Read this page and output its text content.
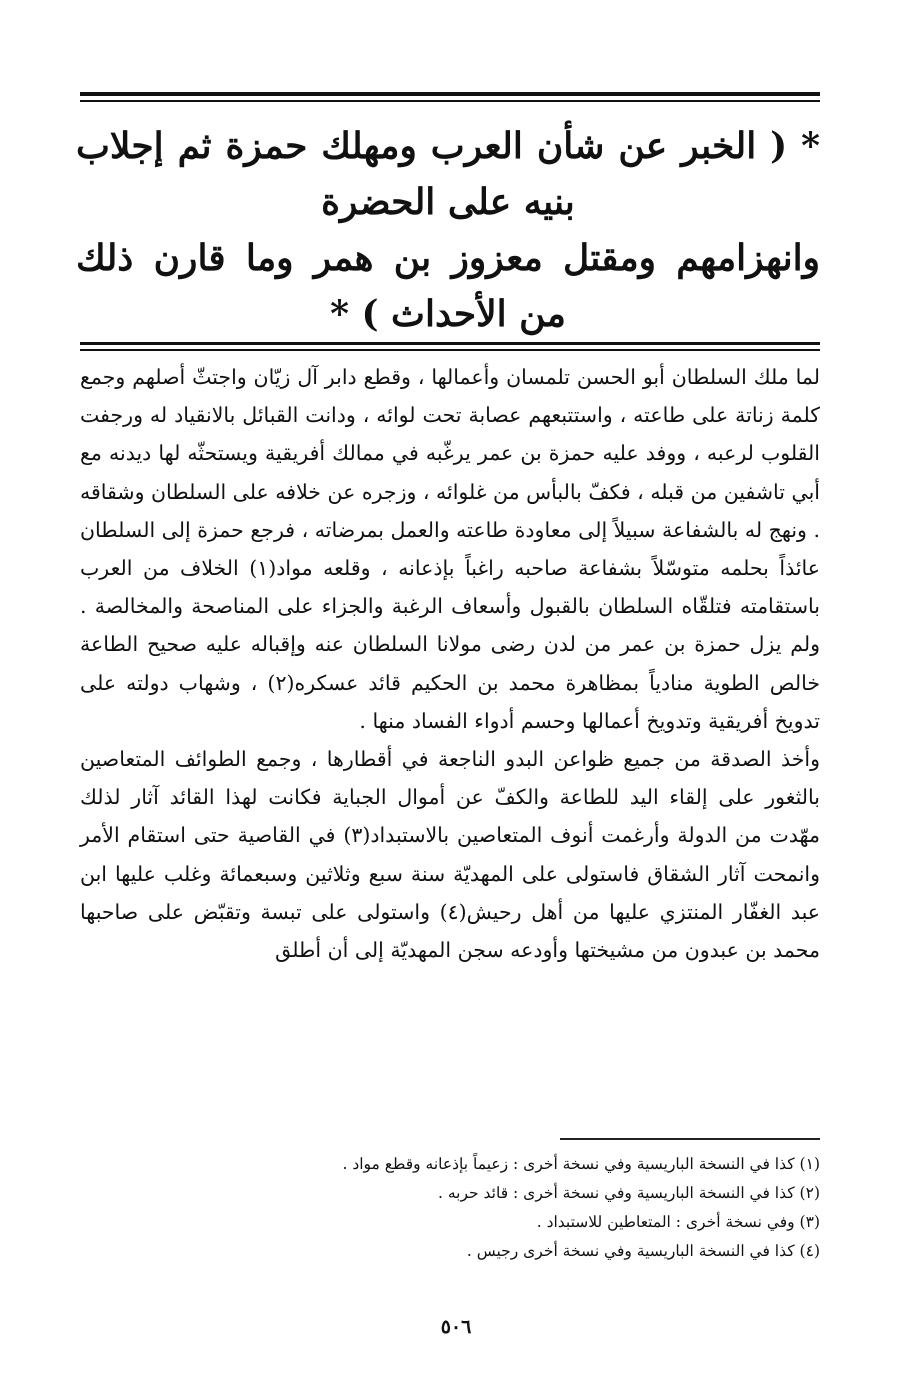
* ( الخبر عن شأن العرب ومهلك حمزة ثم إجلاب بنيه على الحضرة

وانهزامهم ومقتل معزوز بن همر وما قارن ذلك من الأحداث ) *

لما ملك السلطان أبو الحسن تلمسان وأعمالها ، وقطع دابر آل زيّان واجتثّ أصلهم وجمع كلمة زناتة على طاعته ، واستتبعهم عصابة تحت لوائه ، ودانت القبائل بالانقياد له ورجفت القلوب لرعبه ، ووفد عليه حمزة بن عمر يرغّبه في ممالك أفريقية ويستحثّه لها ديدنه مع أبي تاشفين من قبله ، فكفّ بالبأس من غلوائه ، وزجره عن خلافه على السلطان وشقاقه . ونهج له بالشفاعة سبيلاً إلى معاودة طاعته والعمل بمرضاته ، فرجع حمزة إلى السلطان عائذاً بحلمه متوسّلاً بشفاعة صاحبه راغباً بإذعانه ، وقلعه مواد(١) الخلاف من العرب باستقامته فتلقّاه السلطان بالقبول وأسعاف الرغبة والجزاء على المناصحة والمخالصة . ولم يزل حمزة بن عمر من لدن رضى مولانا السلطان عنه وإقباله عليه صحيح الطاعة خالص الطوية منادياً بمظاهرة محمد بن الحكيم قائد عسكره(٢) ، وشهاب دولته على تدويخ أفريقية وتدويخ أعمالها وحسم أدواء الفساد منها .

وأخذ الصدقة من جميع ظواعن البدو الناجعة في أقطارها ، وجمع الطوائف المتعاصين بالثغور على إلقاء اليد للطاعة والكفّ عن أموال الجباية فكانت لهذا القائد آثار لذلك مهّدت من الدولة وأرغمت أنوف المتعاصين بالاستبداد(٣) في القاصية حتى استقام الأمر وانمحت آثار الشقاق فاستولى على المهديّة سنة سبع وثلاثين وسبعمائة وغلب عليها ابن عبد الغفّار المنتزي عليها من أهل رحيش(٤) واستولى على تبسة وتقبّض على صاحبها محمد بن عبدون من مشيختها وأودعه سجن المهديّة إلى أن أطلق

(١) كذا في النسخة الباريسية وفي نسخة أخرى : زعيماً بإذعانه وقطع مواد .
(٢) كذا في النسخة الباريسية وفي نسخة أخرى : قائد حربه .
(٣) وفي نسخة أخرى : المتعاطين للاستبداد .
(٤) كذا في النسخة الباريسية وفي نسخة أخرى رجيس .
٥٠٦
